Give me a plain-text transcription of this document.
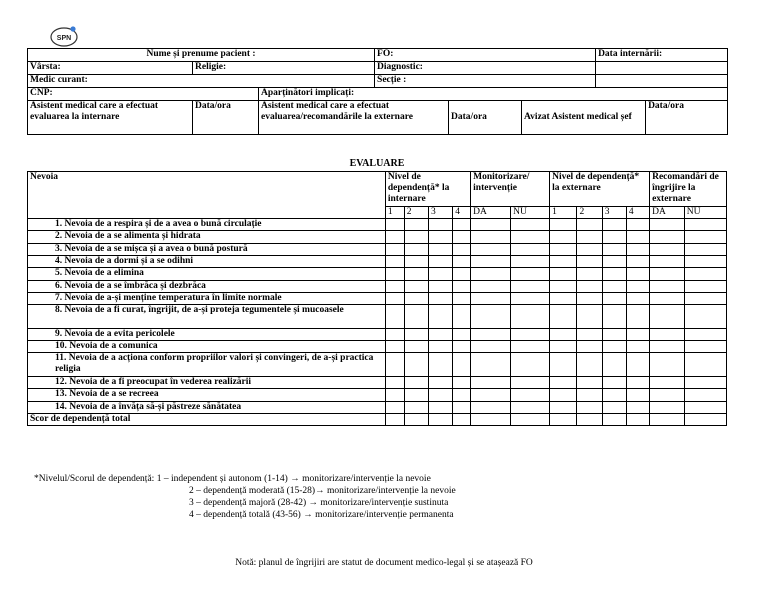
SPN
Nume și prenume pacient :			FO:			Data internării:	
Vârsta:	Religie:		Diagnostic:				
Medic curant:			Secție :				
CNP:		Aparținători implicați:					
Asistent medical care a efectuat evaluarea la internare	Data/ora	Asistent medical care a efectuat evaluarea/recomandările la externare		Data/ora	Avizat Asistent medical șef		Data/ora
EVALUARE
Nevoia	Nivel de dependență* la internare				Monitorizare/ intervenție		Nivel de dependență* la externare				Recomandări de îngrijire la externare	
	1	2	3	4	DA	NU	1	2	3	4	DA	NU
1. Nevoia de a respira și de a avea o bună circulație												
2. Nevoia de a se alimenta și hidrata												
3. Nevoia de a se mișca și a avea o bună postură												
4. Nevoia de a dormi și a se odihni												
5. Nevoia de a elimina												
6. Nevoia de a se îmbrăca și dezbrăca												
7. Nevoia de a-și menține temperatura în limite normale												
8. Nevoia de a fi curat, îngrijit, de a-și proteja tegumentele și mucoasele												
9. Nevoia de a evita pericolele												
10. Nevoia de a comunica												
11. Nevoia de a acționa conform propriilor valori și convingeri, de a-și practica religia												
12. Nevoia de a fi preocupat în vederea realizării												
13. Nevoia de a se recreea												
14. Nevoia de a învăța să-și păstreze sănătatea												
Scor de dependență total												
*Nivelul/Scorul de dependență: 1 – independent și autonom (1-14) → monitorizare/intervenție la nevoie
2 – dependență moderată (15-28)→ monitorizare/intervenție la nevoie
3 – dependență majoră (28-42) → monitorizare/intervenție sustinuta
4 – dependență totală (43-56) → monitorizare/intervenție permanenta
Notă: planul de îngrijiri are statut de document medico-legal și se atașează FO
